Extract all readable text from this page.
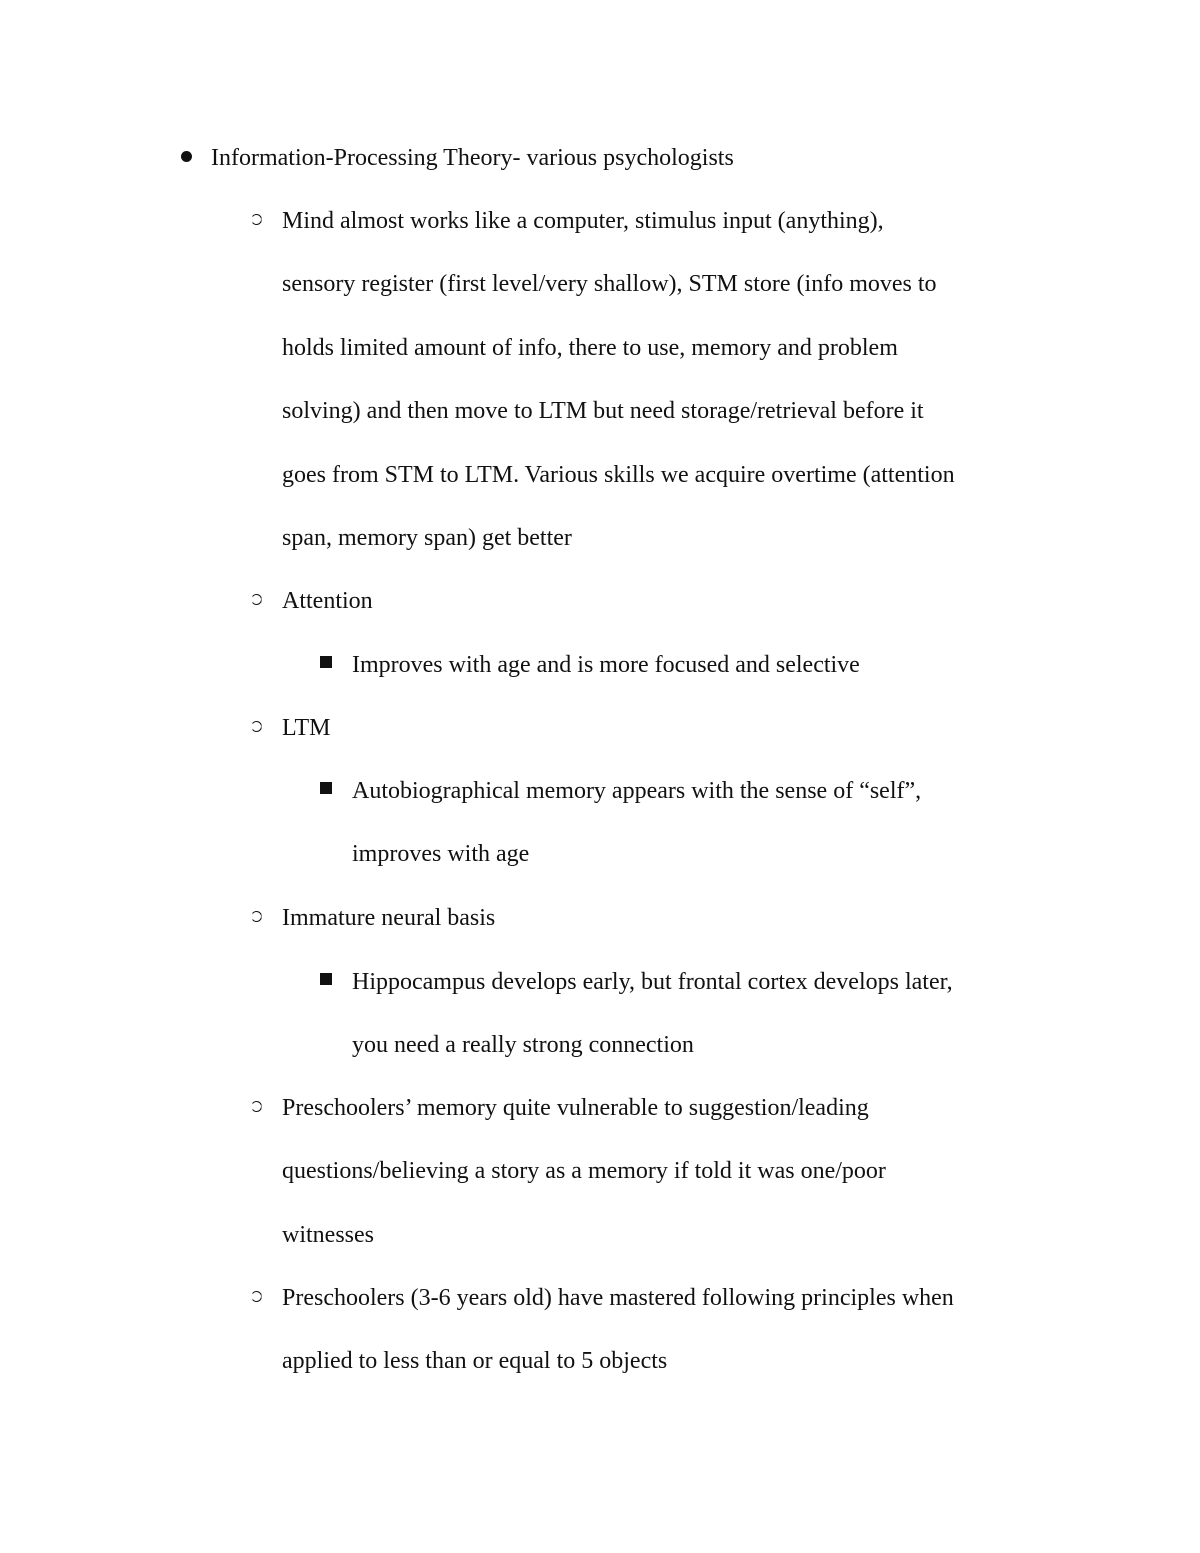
Information-Processing Theory- various psychologists
Mind almost works like a computer, stimulus input (anything),
sensory register (first level/very shallow), STM store (info moves to
holds limited amount of info, there to use, memory and problem
solving) and then move to LTM but need storage/retrieval before it
goes from STM to LTM. Various skills we acquire overtime (attention
span, memory span) get better
Attention
Improves with age and is more focused and selective
LTM
Autobiographical memory appears with the sense of “self”,
improves with age
Immature neural basis
Hippocampus develops early, but frontal cortex develops later,
you need a really strong connection
Preschoolers’ memory quite vulnerable to suggestion/leading
questions/believing a story as a memory if told it was one/poor
witnesses
Preschoolers (3-6 years old) have mastered following principles when
applied to less than or equal to 5 objects
